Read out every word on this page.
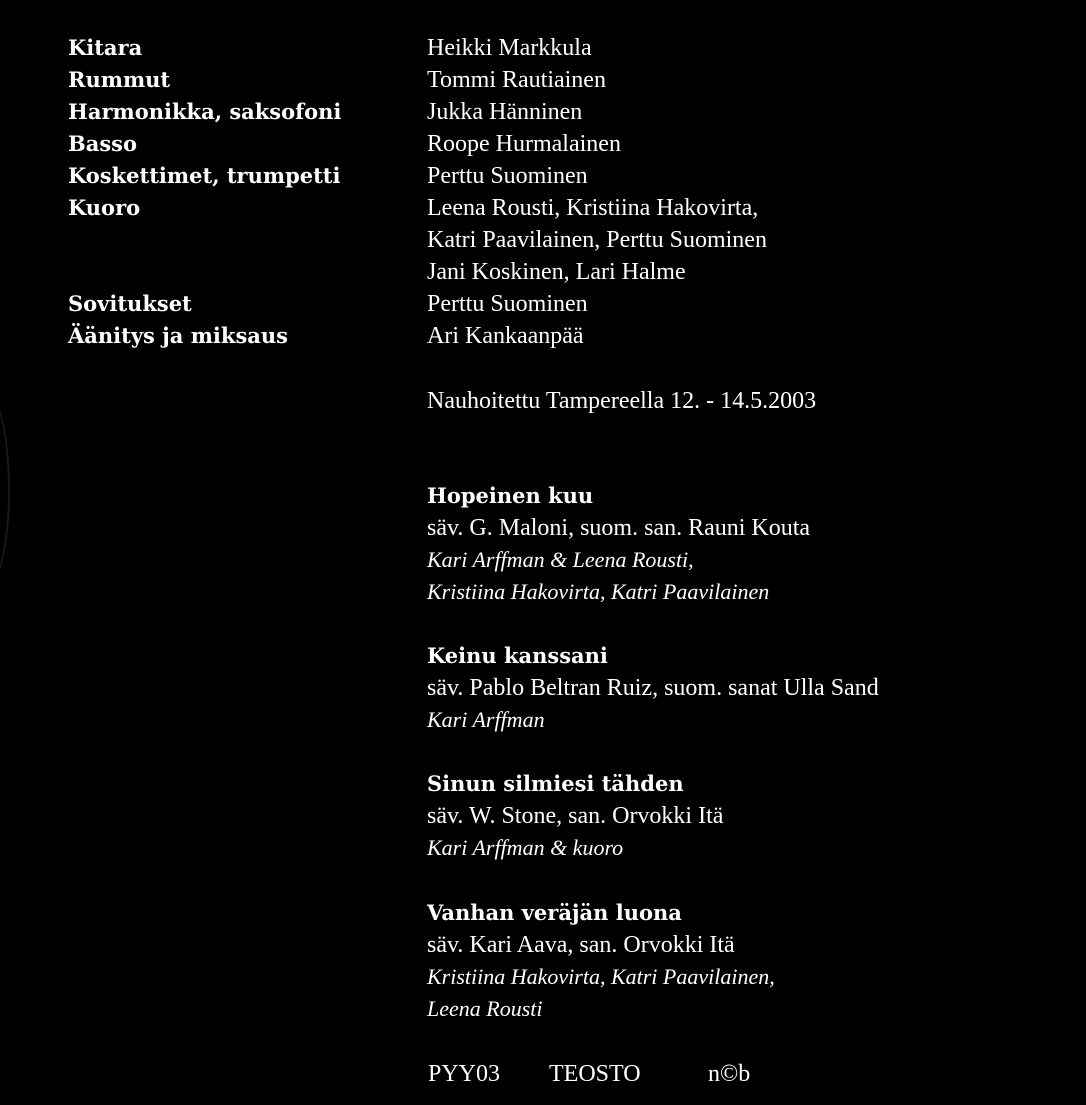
Kitara	Heikki Markkula
Rummut	Tommi Rautiainen
Harmonikka, saksofoni	Jukka Hänninen
Basso	Roope Hurmalainen
Koskettimet, trumpetti	Perttu Suominen
Kuoro	Leena Rousti, Kristiina Hakovirta,
Katri Paavilainen, Perttu Suominen
Jani Koskinen, Lari Halme
Sovitukset	Perttu Suominen
Äänitys ja miksaus	Ari Kankaanpää
Nauhoitettu Tampereella 12. - 14.5.2003
Hopeinen kuu
säv. G. Maloni, suom. san. Rauni Kouta
Kari Arffman & Leena Rousti,
Kristiina Hakovirta, Katri Paavilainen
Keinu kanssani
säv. Pablo Beltran Ruiz, suom. sanat Ulla Sand
Kari Arffman
Sinun silmiesi tähden
säv. W. Stone, san. Orvokki Itä
Kari Arffman & kuoro
Vanhan veräjän luona
säv. Kari Aava, san. Orvokki Itä
Kristiina Hakovirta, Katri Paavilainen,
Leena Rousti
PYY03 TEOSTO	n©b
